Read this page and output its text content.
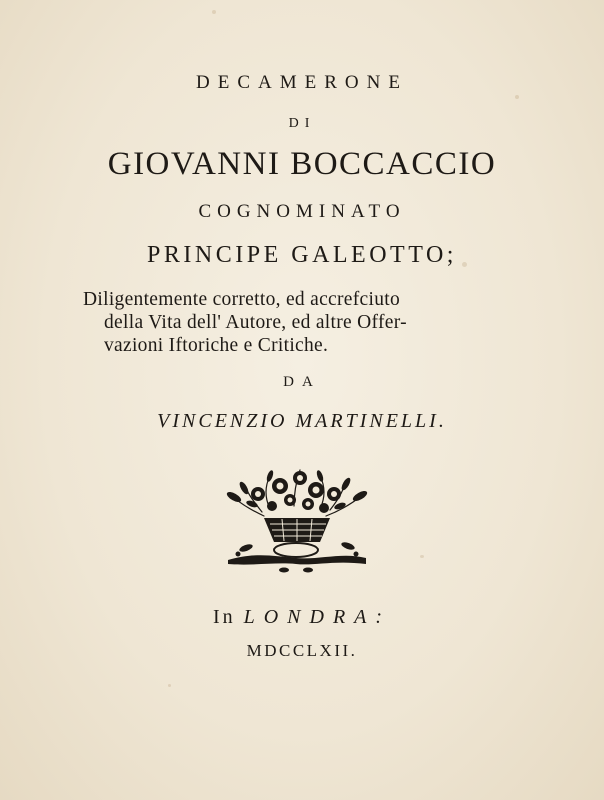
DECAMERONE
DI
GIOVANNI BOCCACCIO
COGNOMINATO
PRINCIPE GALEOTTO;
Diligentemente corretto, ed accrefciuto
della Vita dell' Autore, ed altre Offer-
vazioni Iftoriche e Critiche.
DA
VINCENZIO MARTINELLI.
In LONDRA:
MDCCLXII.
